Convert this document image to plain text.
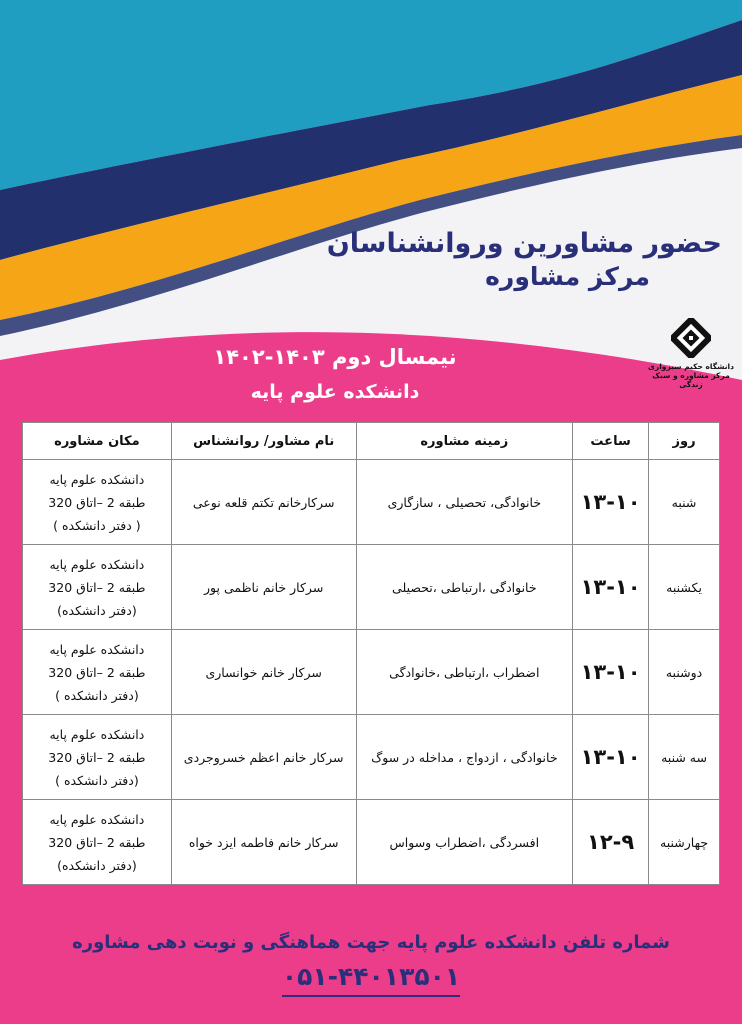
حضور مشاورین وروانشناسان
مرکز مشاوره
دانشگاه حکیم سبزواری
مرکز مشاوره و سبک زندگی
نیمسال دوم ۱۴۰۳-۱۴۰۲
دانشکده علوم پایه
روز	ساعت	زمینه مشاوره	نام مشاور/ روانشناس	مکان مشاوره
شنبه	۱۳-۱۰	خانوادگی، تحصیلی ، سازگاری	سرکارخانم تکتم قلعه نوعی	دانشکده علوم پایه
طبقه 2 –اتاق 320
( دفتر دانشکده )

یکشنبه	۱۳-۱۰	خانوادگی ،ارتباطی ،تحصیلی	سرکار خانم ناظمی پور	دانشکده علوم پایه
طبقه 2 –اتاق 320
(دفتر دانشکده)

دوشنبه	۱۳-۱۰	اضطراب ،ارتباطی ،خانوادگی	سرکار خانم خوانساری	دانشکده علوم پایه
طبقه 2 –اتاق 320
(دفتر دانشکده )

سه شنبه	۱۳-۱۰	خانوادگی ، ازدواج ، مداخله در سوگ	سرکار خانم اعظم خسروجردی	دانشکده علوم پایه
طبقه 2 –اتاق 320
(دفتر دانشکده )

چهارشنبه	۱۲-۹	افسردگی ،اضطراب وسواس	سرکار خانم فاطمه ایزد خواه	دانشکده علوم پایه
طبقه 2 –اتاق 320
(دفتر دانشکده)
شماره تلفن دانشکده علوم پایه جهت هماهنگی و نوبت دهی مشاوره
۰۵۱-۴۴۰۱۳۵۰۱
